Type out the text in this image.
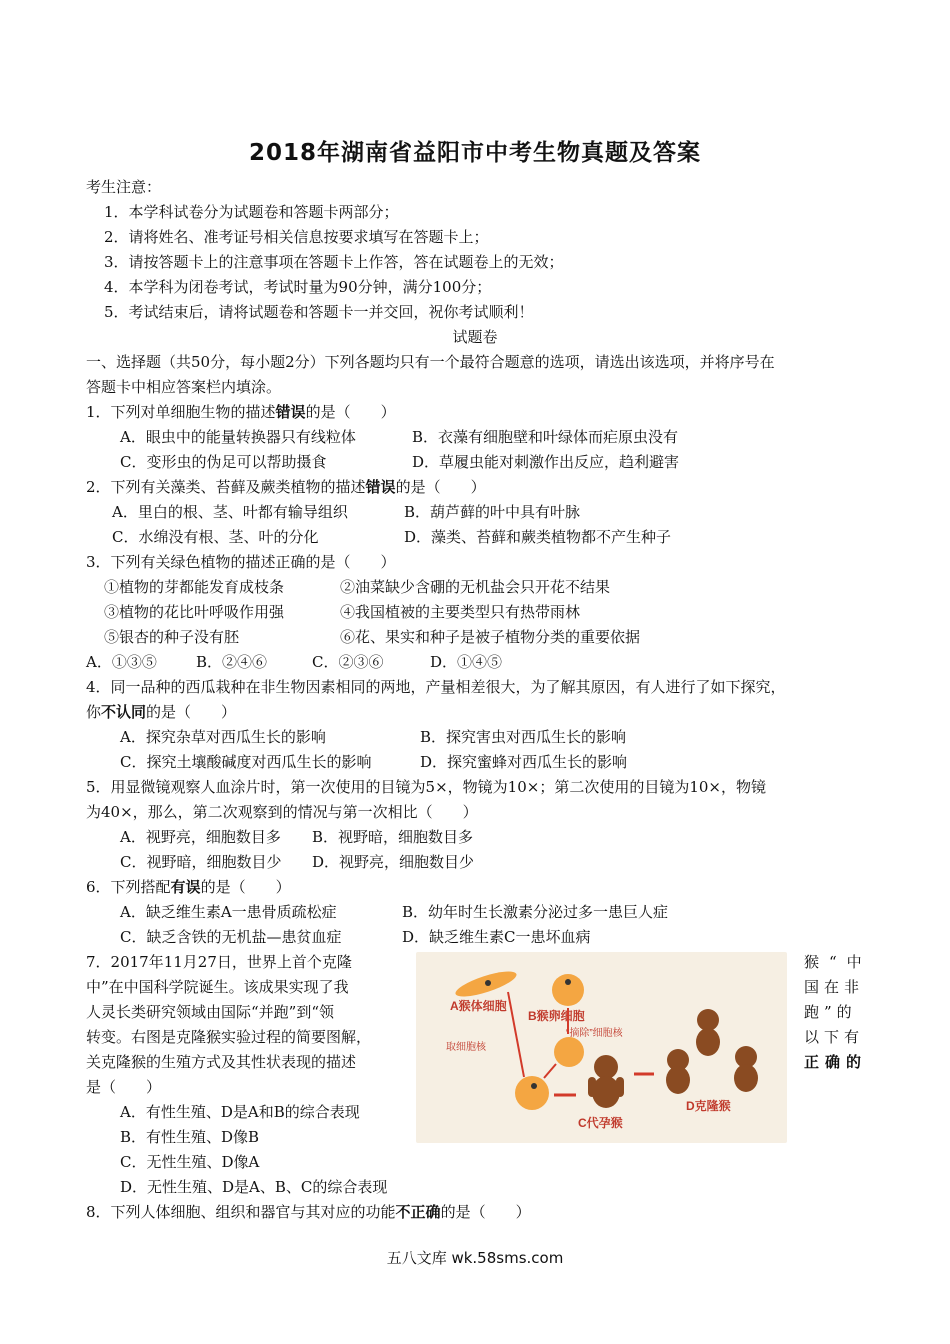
2018年湖南省益阳市中考生物真题及答案
考生注意：
1．本学科试卷分为试题卷和答题卡两部分；
2．请将姓名、准考证号相关信息按要求填写在答题卡上；
3．请按答题卡上的注意事项在答题卡上作答，答在试题卷上的无效；
4．本学科为闭卷考试，考试时量为90分钟，满分100分；
5．考试结束后，请将试题卷和答题卡一并交回，祝你考试顺利！
试题卷
一、选择题（共50分，每小题2分）下列各题均只有一个最符合题意的选项，请选出该选项，并将序号在
答题卡中相应答案栏内填涂。
1．下列对单细胞生物的描述错误的是（　　）
A．眼虫中的能量转换器只有线粒体	B．衣藻有细胞壁和叶绿体而疟原虫没有
C．变形虫的伪足可以帮助摄食	D．草履虫能对刺激作出反应，趋利避害
2．下列有关藻类、苔藓及蕨类植物的描述错误的是（　　）
A．里白的根、茎、叶都有输导组织	B．葫芦藓的叶中具有叶脉
C．水绵没有根、茎、叶的分化	D．藻类、苔藓和蕨类植物都不产生种子
3．下列有关绿色植物的描述正确的是（　　）
①植物的芽都能发育成枝条	②油菜缺少含硼的无机盐会只开花不结果
③植物的花比叶呼吸作用强	④我国植被的主要类型只有热带雨林
⑤银杏的种子没有胚	⑥花、果实和种子是被子植物分类的重要依据
A．①③⑤	B．②④⑥	C．②③⑥	D．①④⑤
4．同一品种的西瓜栽种在非生物因素相同的两地，产量相差很大，为了解其原因，有人进行了如下探究，
你不认同的是（　　）
A．探究杂草对西瓜生长的影响	B．探究害虫对西瓜生长的影响
C．探究土壤酸碱度对西瓜生长的影响	D．探究蜜蜂对西瓜生长的影响
5．用显微镜观察人血涂片时，第一次使用的目镜为5×，物镜为10×；第二次使用的目镜为10×，物镜
为40×，那么，第二次观察到的情况与第一次相比（　　）
A．视野亮，细胞数目多 B．视野暗，细胞数目多
C．视野暗，细胞数目少 D．视野亮，细胞数目少
6．下列搭配有误的是（　　）
A．缺乏维生素A一患骨质疏松症	B．幼年时生长激素分泌过多一患巨人症
C．缺乏含铁的无机盐—患贫血症	D．缺乏维生素C一患坏血病
7．2017年11月27日，世界上首个克隆	猴“中
中”在中国科学院诞生。该成果实现了我	国在非
人灵长类研究领域由国际“并跑”到“领	跑”的
转变。右图是克隆猴实验过程的简要图解，	以下有
关克隆猴的生殖方式及其性状表现的描述	正确的
是（　　）
A．有性生殖、D是A和B的综合表现
B．有性生殖、D像B
C．无性生殖、D像A
D．无性生殖、D是A、B、C的综合表现
A猴体细胞
B猴卵细胞
“摘除”细胞核
取细胞核
C代孕猴
D克隆猴
8．下列人体细胞、组织和器官与其对应的功能不正确的是（　　）
五八文库 wk.58sms.com
